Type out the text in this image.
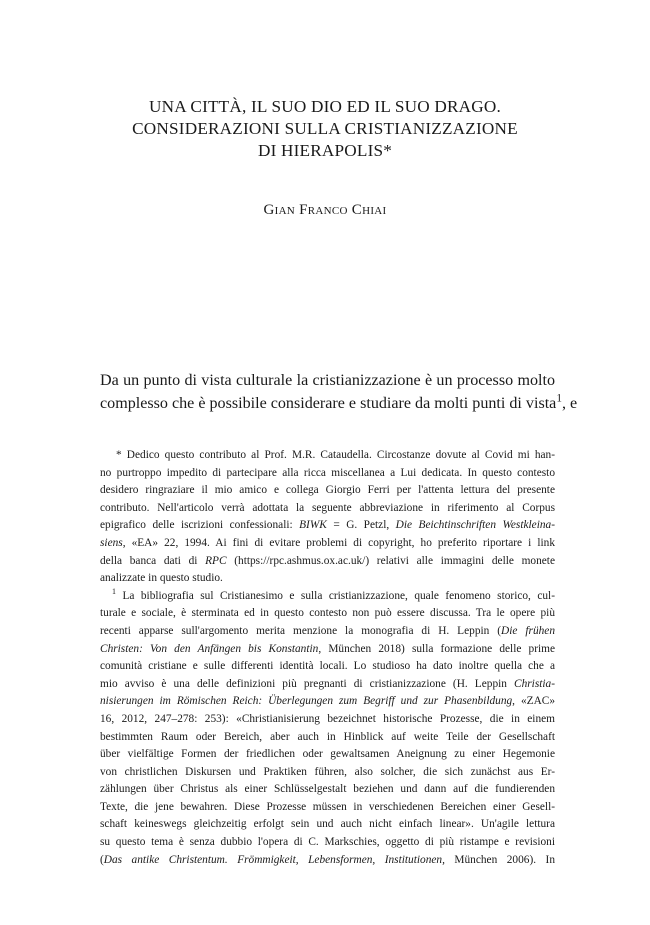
UNA CITTÀ, IL SUO DIO ED IL SUO DRAGO.
CONSIDERAZIONI SULLA CRISTIANIZZAZIONE
DI HIERAPOLIS*
Gian Franco Chiai
Da un punto di vista culturale la cristianizzazione è un processo molto
complesso che è possibile considerare e studiare da molti punti di vista$^1$, e
* Dedico questo contributo al Prof. M.R. Cataudella. Circostanze dovute al Covid mi han-
no purtroppo impedito di partecipare alla ricca miscellanea a Lui dedicata. In questo contesto
desidero ringraziare il mio amico e collega Giorgio Ferri per l'attenta lettura del presente
contributo. Nell'articolo verrà adottata la seguente abbreviazione in riferimento al Corpus
epigrafico delle iscrizioni confessionali: BIWK = G. Petzl, Die Beichtinschriften Westkleina-
siens, «EA» 22, 1994. Ai fini di evitare problemi di copyright, ho preferito riportare i link
della banca dati di RPC (https://rpc.ashmus.ox.ac.uk/) relativi alle immagini delle monete
analizzate in questo studio.
$^1$ La bibliografia sul Cristianesimo e sulla cristianizzazione, quale fenomeno storico, cul-
turale e sociale, è sterminata ed in questo contesto non può essere discussa. Tra le opere più
recenti apparse sull'argomento merita menzione la monografia di H. Leppin (Die frühen
Christen: Von den Anfängen bis Konstantin, München 2018) sulla formazione delle prime
comunità cristiane e sulle differenti identità locali. Lo studioso ha dato inoltre quella che a
mio avviso è una delle definizioni più pregnanti di cristianizzazione (H. Leppin Christia-
nisierungen im Römischen Reich: Überlegungen zum Begriff und zur Phasenbildung, «ZAC»
16, 2012, 247–278: 253): «Christianisierung bezeichnet historische Prozesse, die in einem
bestimmten Raum oder Bereich, aber auch in Hinblick auf weite Teile der Gesellschaft
über vielfältige Formen der friedlichen oder gewaltsamen Aneignung zu einer Hegemonie
von christlichen Diskursen und Praktiken führen, also solcher, die sich zunächst aus Er-
zählungen über Christus als einer Schlüsselgestalt beziehen und dann auf die fundierenden
Texte, die jene bewahren. Diese Prozesse müssen in verschiedenen Bereichen einer Gesell-
schaft keineswegs gleichzeitig erfolgt sein und auch nicht einfach linear». Un'agile lettura
su questo tema è senza dubbio l'opera di C. Markschies, oggetto di più ristampe e revisioni
(Das antike Christentum. Frömmigkeit, Lebensformen, Institutionen, München 2006). In
